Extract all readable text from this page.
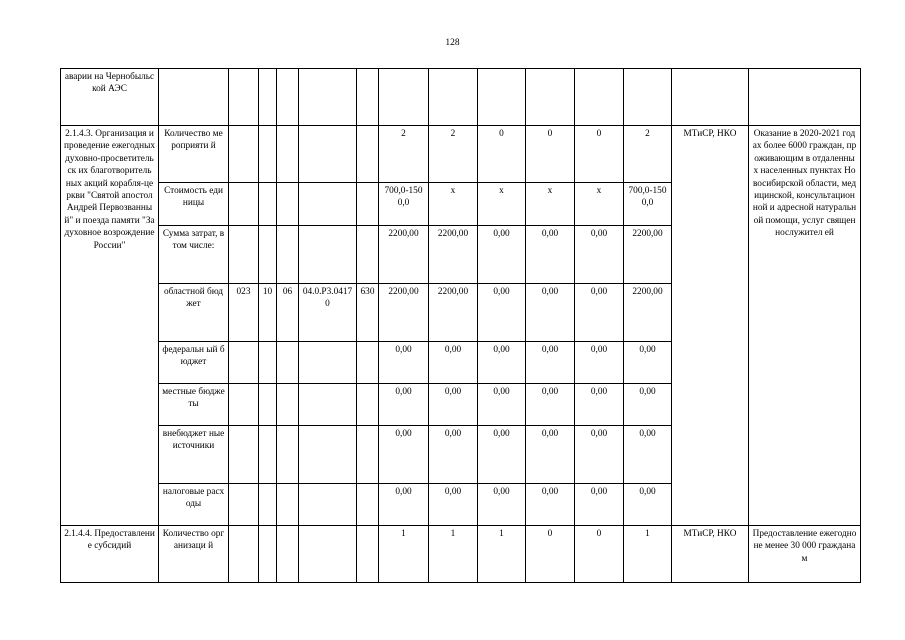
128
аварии на Чернобыльской АЭС														
2.1.4.3. Организация и проведение ежегодных духовно-просветительск их благотворитель ных акций корабля-церкви "Святой апостол Андрей Первозванный" и поезда памяти "За духовное возрождение России"	Количество мероприяти й						2	2	0	0	0	2	МТиСР, НКО	Оказание в 2020-2021 годах более 6000 граждан, проживающим в отдаленных населенных пунктах Новосибирской области, медицинской, консультационной и адресной натуральной помощи, услуг священнослужител ей
	Стоимость единицы						700,0-1500,0	х	х	х	х	700,0-1500,0		
	Сумма затрат, в том числе:						2200,00	2200,00	0,00	0,00	0,00	2200,00		
	областной бюджет	023	10	06	04.0.P3.04170	630	2200,00	2200,00	0,00	0,00	0,00	2200,00		
	федеральн ый бюджет						0,00	0,00	0,00	0,00	0,00	0,00		
	местные бюджеты						0,00	0,00	0,00	0,00	0,00	0,00		
	внебюджет ные источники						0,00	0,00	0,00	0,00	0,00	0,00		
	налоговые расходы						0,00	0,00	0,00	0,00	0,00	0,00		
2.1.4.4. Предоставление субсидий	Количество организаци й						1	1	1	0	0	1	МТиСР, НКО	Предоставление ежегодно не менее 30 000 гражданам
